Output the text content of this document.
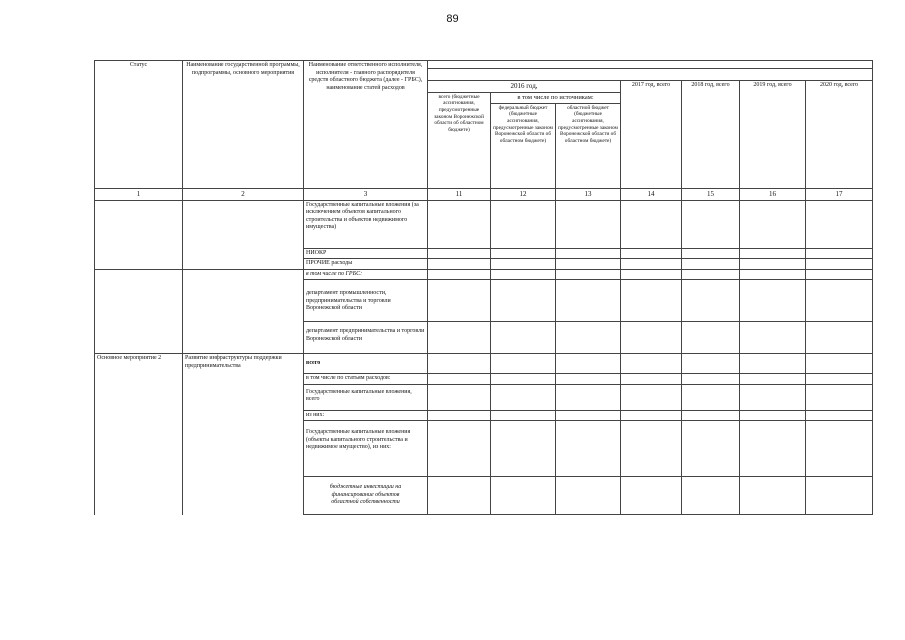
89
Статус	Наименование государственной программы, подпрограммы, основного мероприятия	Наименование ответственного исполнителя, исполнителя - главного распорядителя средств областного бюджета (далее - ГРБС), наименование статей расходов							

			2016 год,			2017 год, всего	2018 год, всего	2019 год, всего	2020 год, всего
			всего (бюджетные ассигнования, предусмотренные законом Воронежской области об областном бюджете)	в том числе по источникам:					
				федеральный бюджет (бюджетные ассигнования, предусмотренные законом Воронежской области об областном бюджете)	областной бюджет (бюджетные ассигнования, предусмотренные законом Воронежской области об областном бюджете)				

1	2	3	11	12	13	14	15	16	17
		Государственные капитальные вложения (за исключением объектов капитального строительства и объектов недвижимого имущества)							
		НИОКР							
		ПРОЧИЕ расходы							
		в том числе по ГРБС:							
		департамент промышленности, предпринимательства и торговли Воронежской области							
		департамент предпринимательства и торговли Воронежской области							
Основное мероприятие 2	Развитие инфраструктуры поддержки предпринимательства	всего							
		в том числе по статьям расходов:							
		Государственные капитальные вложения, всего							
		из них:							
		Государственные капитальные вложения (объекты капитального строительства и недвижимое имущество), из них:							
		бюджетные инвестиции на финансирование объектов областной собственности							
